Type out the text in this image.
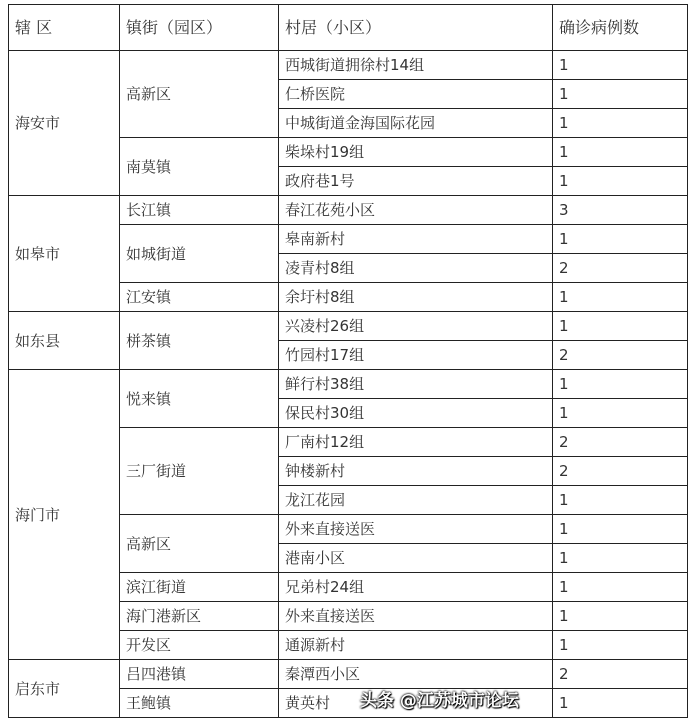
辖 区	镇街（园区）	村居（小区）	确诊病例数
海安市	高新区	西城街道拥徐村14组	1
		仁桥医院	1
		中城街道金海国际花园	1
	南莫镇	柴垛村19组	1
		政府巷1号	1
如皋市	长江镇	春江花苑小区	3
	如城街道	皋南新村	1
		凌青村8组	2
	江安镇	余圩村8组	1
如东县	栟茶镇	兴凌村26组	1
		竹园村17组	2
海门市	悦来镇	鲜行村38组	1
		保民村30组	1
	三厂街道	厂南村12组	2
		钟楼新村	2
		龙江花园	1
	高新区	外来直接送医	1
		港南小区	1
	滨江街道	兄弟村24组	1
	海门港新区	外来直接送医	1
	开发区	通源新村	1
启东市	吕四港镇	秦潭西小区	2
	王鲍镇	黄英村	1
头条 @江苏城市论坛
